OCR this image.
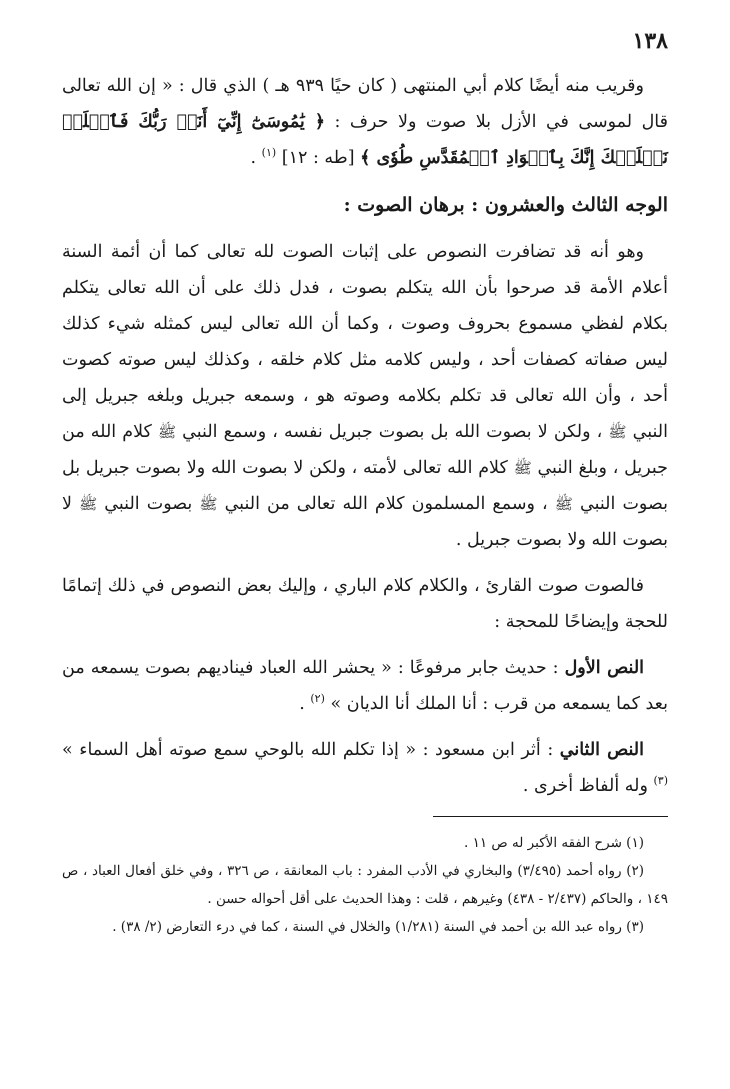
١٣٨

وقريب منه أيضًا كلام أبي المنتهى ( كان حيًا ٩٣٩ هـ ) الذي قال : « إن الله تعالى قال لموسى في الأزل بلا صوت ولا حرف : ﴿ يَٰمُوسَىٰٓ إِنِّيٓ أَنَا۠ رَبُّكَ فَٱخۡلَعۡ نَعۡلَيۡكَ إِنَّكَ بِٱلۡوَادِ ٱلۡمُقَدَّسِ طُوٗى ﴾ [طه : ١٢] $^{(١)}$ .

الوجه الثالث والعشرون : برهان الصوت :

وهو أنه قد تضافرت النصوص على إثبات الصوت لله تعالى كما أن أئمة السنة أعلام الأمة قد صرحوا بأن الله يتكلم بصوت ، فدل ذلك على أن الله تعالى يتكلم بكلام لفظي مسموع بحروف وصوت ، وكما أن الله تعالى ليس كمثله شيء كذلك ليس صفاته كصفات أحد ، وليس كلامه مثل كلام خلقه ، وكذلك ليس صوته كصوت أحد ، وأن الله تعالى قد تكلم بكلامه وصوته هو ، وسمعه جبريل وبلغه جبريل إلى النبي ﷺ ، ولكن لا بصوت الله بل بصوت جبريل نفسه ، وسمع النبي ﷺ كلام الله من جبريل ، وبلغ النبي ﷺ كلام الله تعالى لأمته ، ولكن لا بصوت الله ولا بصوت جبريل بل بصوت النبي ﷺ ، وسمع المسلمون كلام الله تعالى من النبي ﷺ بصوت النبي ﷺ لا بصوت الله ولا بصوت جبريل .

فالصوت صوت القارئ ، والكلام كلام الباري ، وإليك بعض النصوص في ذلك إتمامًا للحجة وإيضاحًا للمحجة :

النص الأول : حديث جابر مرفوعًا : « يحشر الله العباد فيناديهم بصوت يسمعه من بعد كما يسمعه من قرب : أنا الملك أنا الديان » $^{(٢)}$ .

النص الثاني : أثر ابن مسعود : « إذا تكلم الله بالوحي سمع صوته أهل السماء » $^{(٣)}$ وله ألفاظ أخرى .

(١) شرح الفقه الأكبر له ص ١١ .

(٢) رواه أحمد (٣/٤٩٥) والبخاري في الأدب المفرد : باب المعانقة ، ص ٣٢٦ ، وفي خلق أفعال العباد ، ص ١٤٩ ، والحاكم (٢/٤٣٧ - ٤٣٨) وغيرهم ، قلت : وهذا الحديث على أقل أحواله حسن .

(٣) رواه عبد الله بن أحمد في السنة (١/٢٨١) والخلال في السنة ، كما في درء التعارض (٢/ ٣٨) .
